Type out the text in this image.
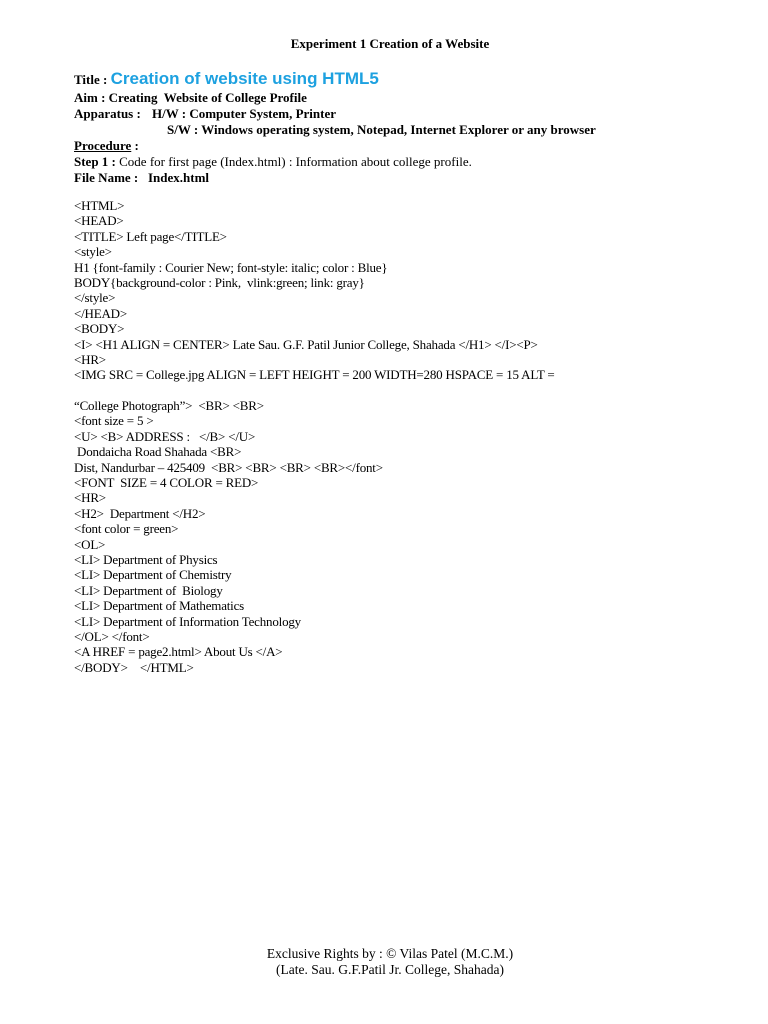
Experiment 1 Creation of a Website
Title : Creation of website using HTML5
Aim : Creating  Website of College Profile
Apparatus : H/W : Computer System, Printer
S/W : Windows operating system, Notepad, Internet Explorer or any browser
Procedure :
Step 1 : Code for first page (Index.html) : Information about college profile.
File Name :   Index.html
<HTML>
<HEAD>
<TITLE> Left page</TITLE>
<style>
H1 {font-family : Courier New; font-style: italic; color : Blue}
BODY{background-color : Pink,  vlink:green; link: gray}
</style>
</HEAD>
<BODY>
<I> <H1 ALIGN = CENTER> Late Sau. G.F. Patil Junior College, Shahada </H1> </I><P>
<HR>
<IMG SRC = College.jpg ALIGN = LEFT HEIGHT = 200 WIDTH=280 HSPACE = 15 ALT =
“College Photograph”>  <BR> <BR>
<font size = 5 >
<U> <B> ADDRESS :   </B> </U>
Dondaicha Road Shahada <BR>
Dist, Nandurbar – 425409  <BR> <BR> <BR> <BR></font>
<FONT  SIZE = 4 COLOR = RED>
<HR>
<H2>  Department </H2>
<font color = green>
<OL>
<LI> Department of Physics
<LI> Department of Chemistry
<LI> Department of  Biology
<LI> Department of Mathematics
<LI> Department of Information Technology
</OL> </font>
<A HREF = page2.html> About Us </A>
</BODY>    </HTML>
Exclusive Rights by : © Vilas Patel (M.C.M.)
(Late. Sau. G.F.Patil Jr. College, Shahada)
